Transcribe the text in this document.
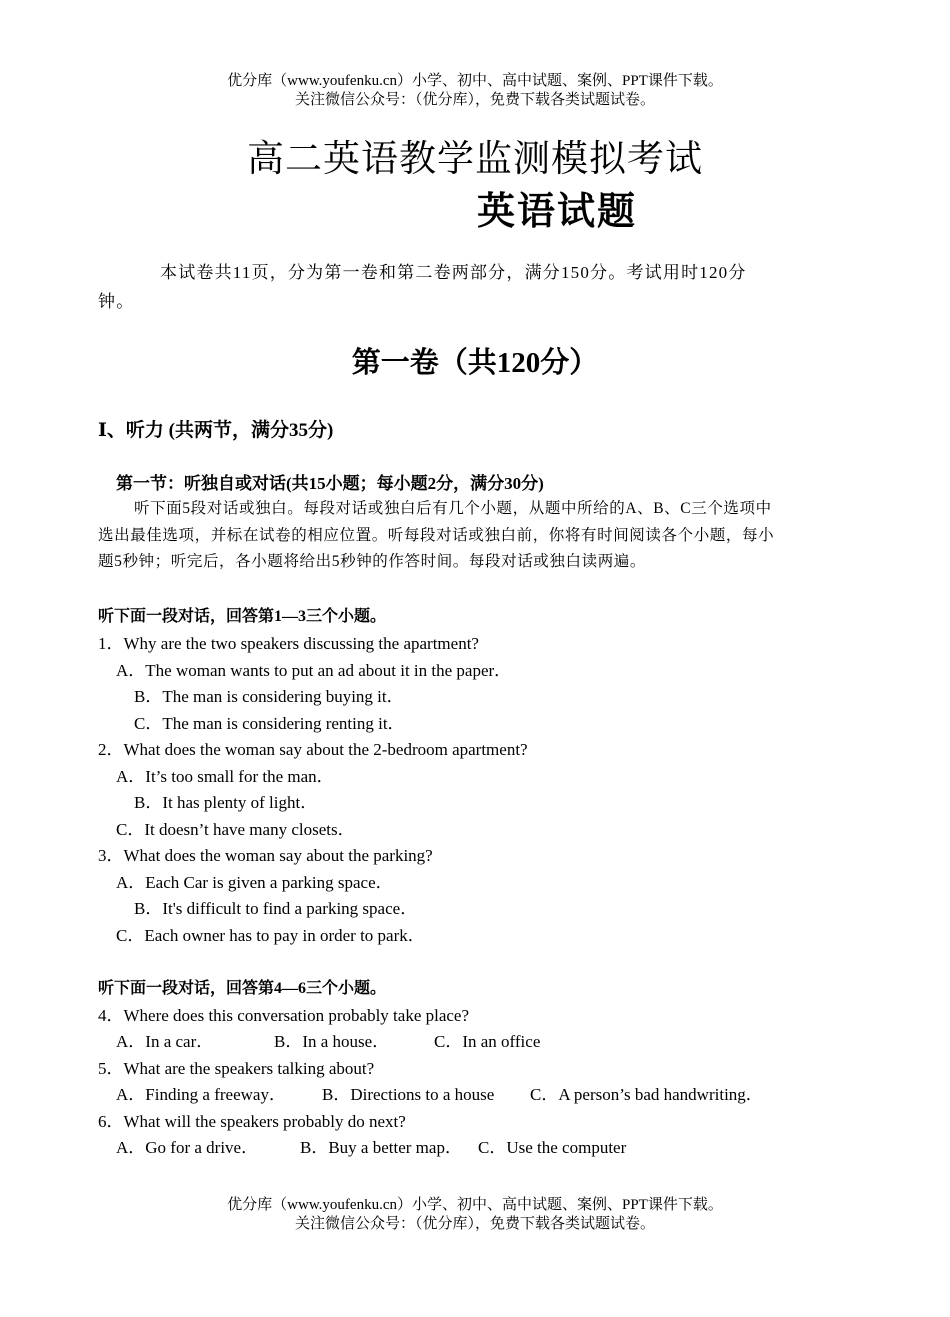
优分库（www.youfenku.cn）小学、初中、高中试题、案例、PPT课件下载。
关注微信公众号：（优分库），免费下载各类试题试卷。
高二英语教学监测模拟考试
英语试题
本试卷共11页，分为第一卷和第二卷两部分，满分150分。考试用时120分
钟。
第一卷（共120分）
Ⅰ、听力 (共两节，满分35分)
第一节：听独自或对话(共15小题；每小题2分，满分30分)
听下面5段对话或独白。每段对话或独白后有几个小题，从题中所给的A、B、C三个选项中
选出最佳选项，并标在试卷的相应位置。听每段对话或独白前，你将有时间阅读各个小题，每小
题5秒钟；听完后，各小题将给出5秒钟的作答时间。每段对话或独白读两遍。
听下面一段对话，回答第1—3三个小题。
1．Why are the two speakers discussing the apartment?
A．The woman wants to put an ad about it in the paper．
B．The man is considering buying it．
C．The man is considering renting it．
2．What does the woman say about the 2-bedroom apartment?
A．It’s too small for the man．
B．It has plenty of light．
C．It doesn’t have many closets．
3．What does the woman say about the parking?
A．Each Car is given a parking space．
B．It's difficult to find a parking space．
C．Each owner has to pay in order to park．
听下面一段对话，回答第4—6三个小题。
4．Where does this conversation probably take place?
A．In a car．	B．In a house．	C．In an office
5．What are the speakers talking about?
A．Finding a freeway． B．Directions to a house C．A person’s bad handwriting．
6．What will the speakers probably do next?
A．Go for a drive． B．Buy a better map． C．Use the computer
优分库（www.youfenku.cn）小学、初中、高中试题、案例、PPT课件下载。
关注微信公众号：（优分库），免费下载各类试题试卷。
